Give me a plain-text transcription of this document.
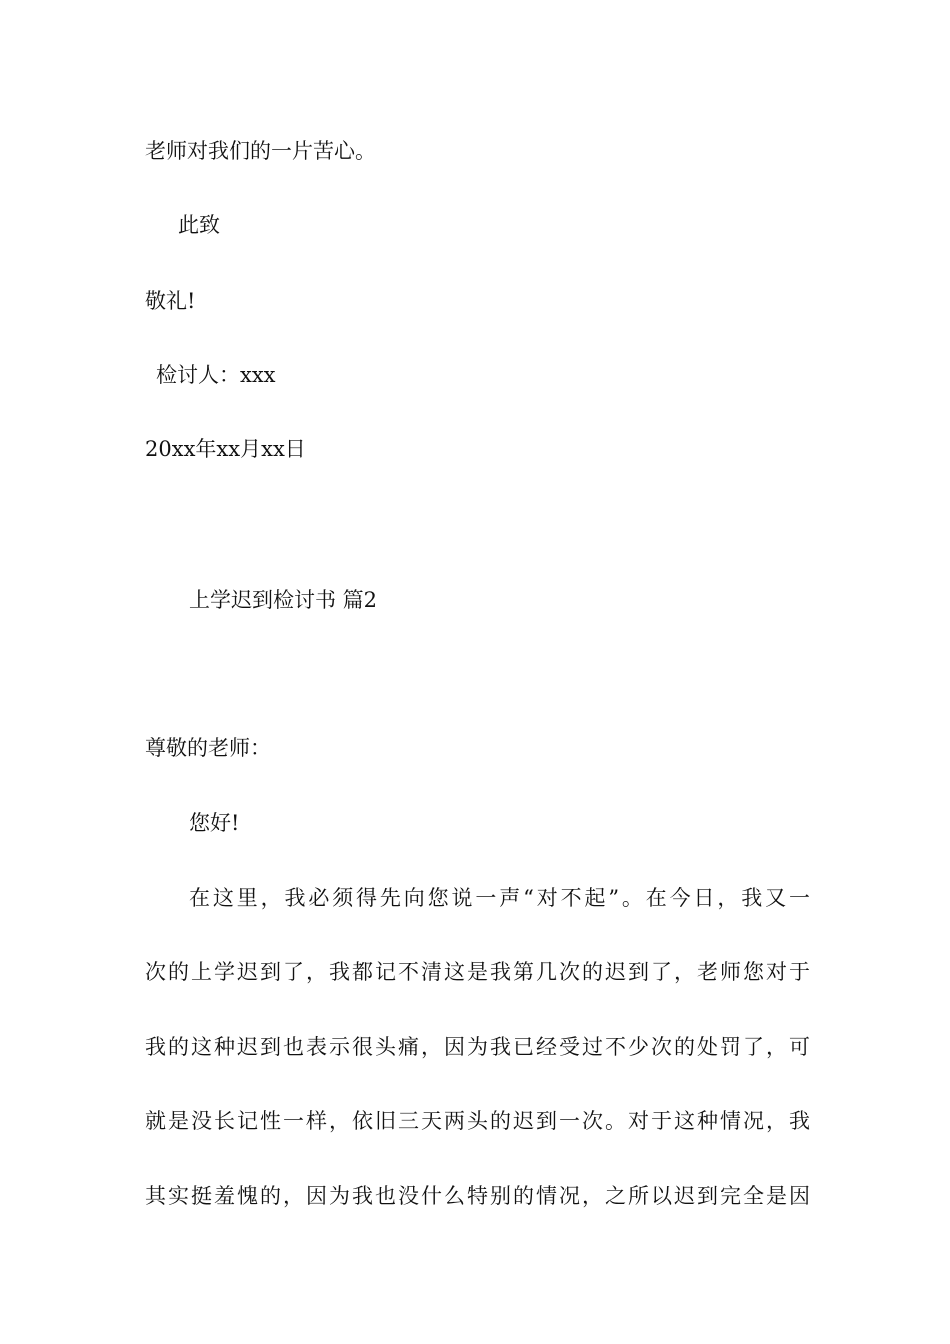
老师对我们的一片苦心。
此致
敬礼!
检讨人：xxx
20xx年xx月xx日
上学迟到检讨书 篇2
尊敬的老师：
您好!
在这里，我必须得先向您说一声“对不起”。在今日，我又一
次的上学迟到了，我都记不清这是我第几次的迟到了，老师您对于
我的这种迟到也表示很头痛，因为我已经受过不少次的处罚了，可
就是没长记性一样，依旧三天两头的迟到一次。对于这种情况，我
其实挺羞愧的，因为我也没什么特别的情况，之所以迟到完全是因
